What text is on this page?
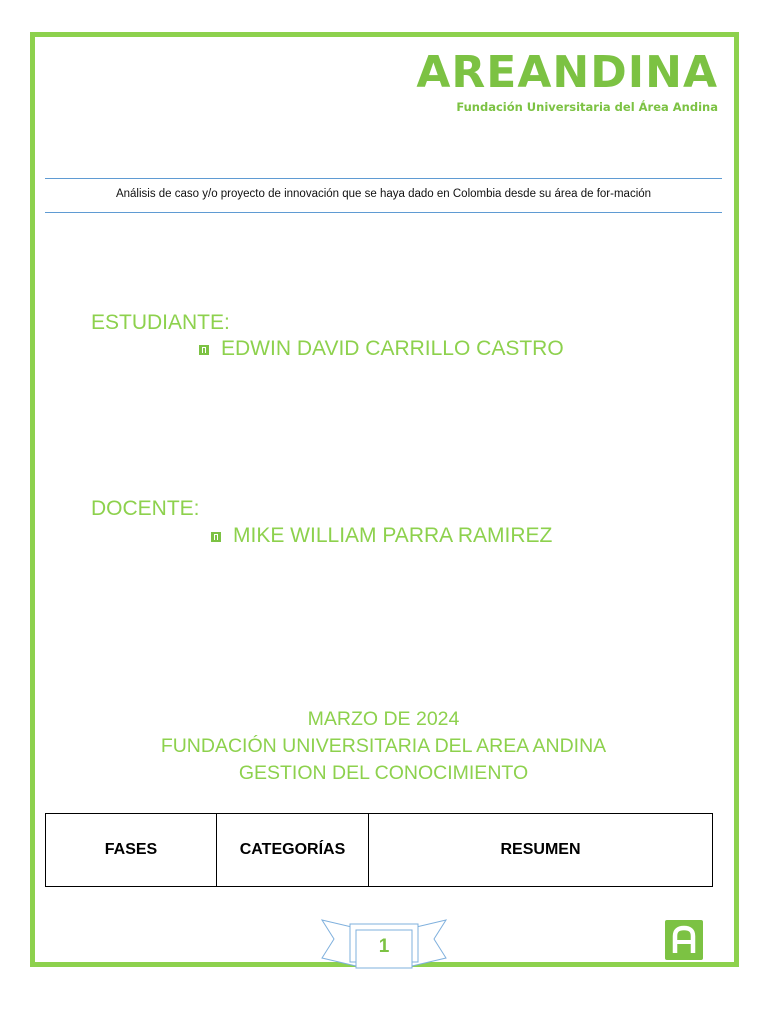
AREANDINA
Fundación Universitaria del Área Andina
Análisis de caso y/o proyecto de innovación que se haya dado en Colombia desde su área de for-mación
ESTUDIANTE:
EDWIN DAVID CARRILLO CASTRO
DOCENTE:
MIKE WILLIAM PARRA RAMIREZ
MARZO DE 2024
FUNDACIÓN UNIVERSITARIA DEL AREA ANDINA
GESTION DEL CONOCIMIENTO
FASES	CATEGORÍAS	RESUMEN
1
